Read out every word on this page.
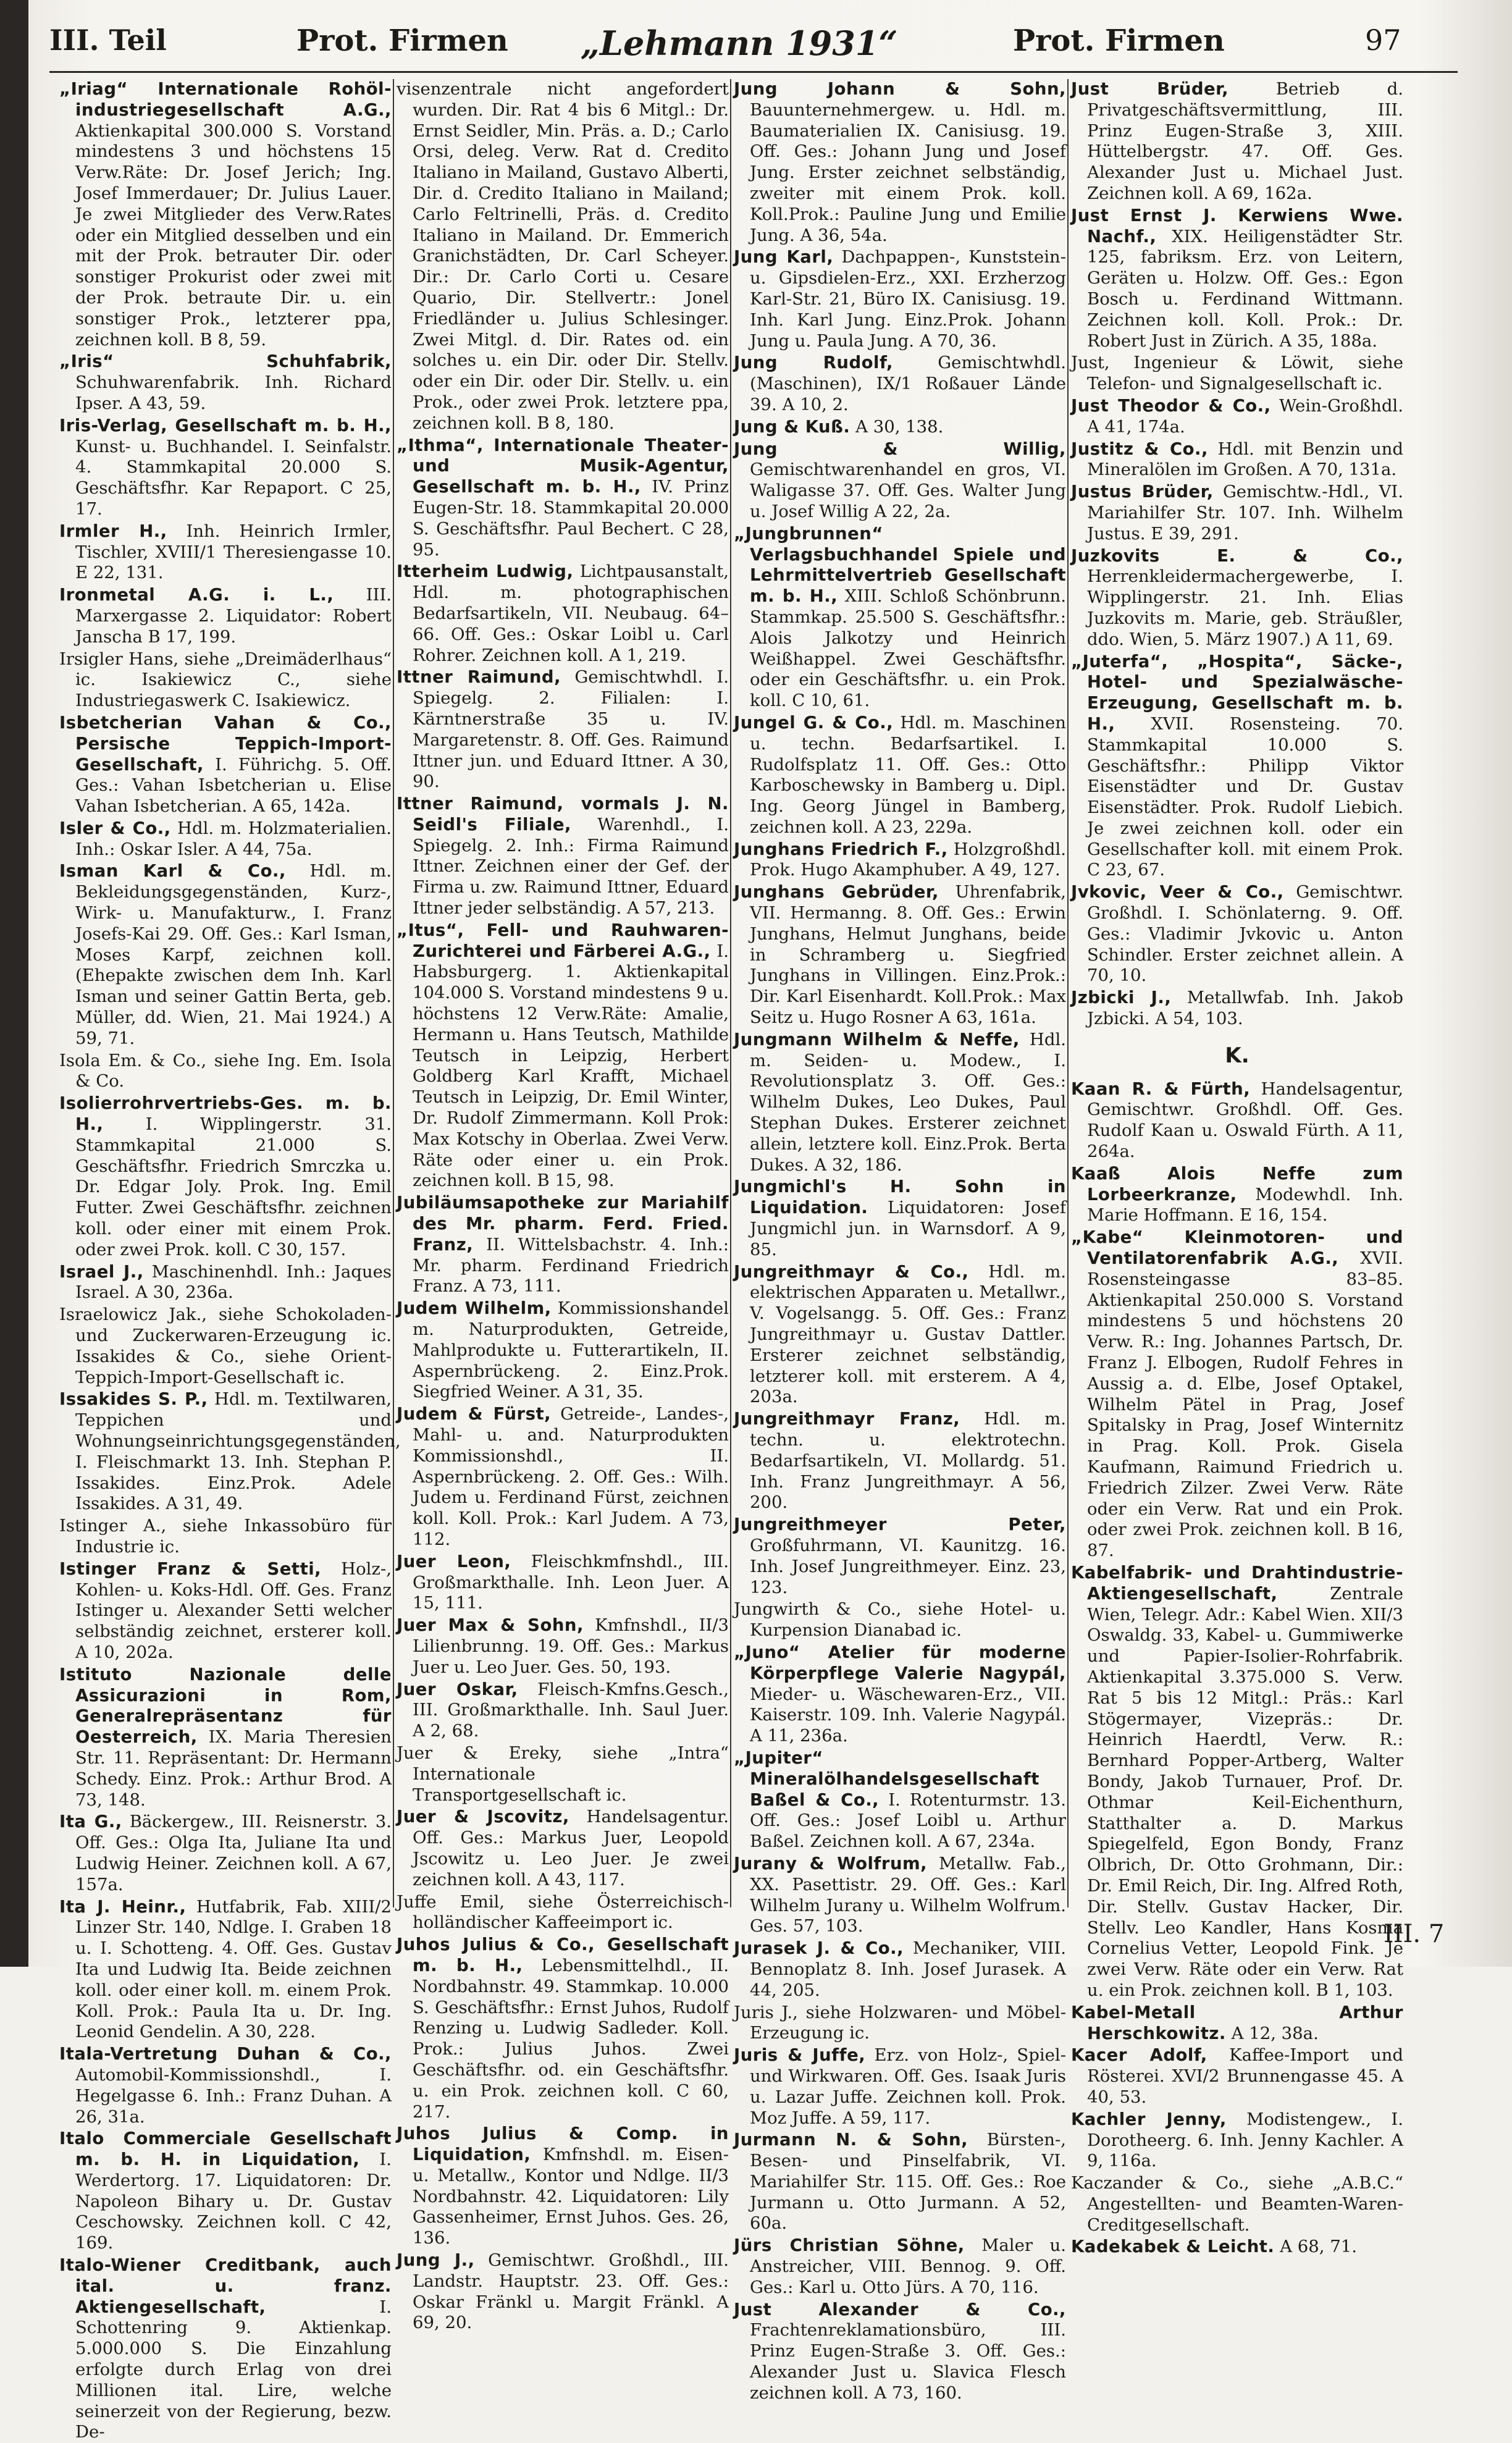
III. Teil	Prot. Firmen „Lehmann 1931“	Prot. Firmen	97
„Iriag“ Internationale Rohöl-industriegesellschaft A.G., Aktienkapital 300.000 S. Vorstand mindestens 3 und höchstens 15 Verw.Räte: Dr. Josef Jerich; Ing. Josef Immerdauer; Dr. Julius Lauer. Je zwei Mitglieder des Verw.Rates oder ein Mitglied desselben und ein mit der Prok. betrauter Dir. oder sonstiger Prokurist oder zwei mit der Prok. betraute Dir. u. ein sonstiger Prok., letzterer ppa, zeichnen koll. B 8, 59.
„Iris“ Schuhfabrik, Schuhwarenfabrik. Inh. Richard Ipser. A 43, 59.
Iris-Verlag, Gesellschaft m. b. H., Kunst- u. Buchhandel. I. Seinfalstr. 4. Stammkapital 20.000 S. Geschäftsfhr. Kar Repaport. C 25, 17.
Irmler H., Inh. Heinrich Irmler, Tischler, XVIII/1 Theresiengasse 10. E 22, 131.
Ironmetal A.G. i. L., III. Marxergasse 2. Liquidator: Robert Janscha B 17, 199.
Irsigler Hans, siehe „Dreimäderlhaus“ ic. Isakiewicz C., siehe Industriegaswerk C. Isakiewicz.
Isbetcherian Vahan & Co., Persische Teppich-Import-Gesellschaft, I. Führichg. 5. Off. Ges.: Vahan Isbetcherian u. Elise Vahan Isbetcherian. A 65, 142a.
Isler & Co., Hdl. m. Holzmaterialien. Inh.: Oskar Isler. A 44, 75a.
Isman Karl & Co., Hdl. m. Bekleidungsgegenständen, Kurz-, Wirk- u. Manufakturw., I. Franz Josefs-Kai 29. Off. Ges.: Karl Isman, Moses Karpf, zeichnen koll. (Ehepakte zwischen dem Inh. Karl Isman und seiner Gattin Berta, geb. Müller, dd. Wien, 21. Mai 1924.) A 59, 71.
Isola Em. & Co., siehe Ing. Em. Isola & Co.
Isolierrohrvertriebs-Ges. m. b. H., I. Wipplingerstr. 31. Stammkapital 21.000 S. Geschäftsfhr. Friedrich Smrczka u. Dr. Edgar Joly. Prok. Ing. Emil Futter. Zwei Geschäftsfhr. zeichnen koll. oder einer mit einem Prok. oder zwei Prok. koll. C 30, 157.
Israel J., Maschinenhdl. Inh.: Jaques Israel. A 30, 236a.
Israelowicz Jak., siehe Schokoladen- und Zuckerwaren-Erzeugung ic. Issakides & Co., siehe Orient-Teppich-Import-Gesellschaft ic.
Issakides S. P., Hdl. m. Textilwaren, Teppichen und Wohnungseinrichtungsgegenständen, I. Fleischmarkt 13. Inh. Stephan P. Issakides. Einz.Prok. Adele Issakides. A 31, 49.
Istinger A., siehe Inkassobüro für Industrie ic.
Istinger Franz & Setti, Holz-, Kohlen- u. Koks-Hdl. Off. Ges. Franz Istinger u. Alexander Setti welcher selbständig zeichnet, ersterer koll. A 10, 202a.
Istituto Nazionale delle Assicurazioni in Rom, Generalrepräsentanz für Oesterreich, IX. Maria Theresien Str. 11. Repräsentant: Dr. Hermann Schedy. Einz. Prok.: Arthur Brod. A 73, 148.
Ita G., Bäckergew., III. Reisnerstr. 3. Off. Ges.: Olga Ita, Juliane Ita und Ludwig Heiner. Zeichnen koll. A 67, 157a.
Ita J. Heinr., Hutfabrik, Fab. XIII/2 Linzer Str. 140, Ndlge. I. Graben 18 u. I. Schotteng. 4. Off. Ges. Gustav Ita und Ludwig Ita. Beide zeichnen koll. oder einer koll. m. einem Prok. Koll. Prok.: Paula Ita u. Dr. Ing. Leonid Gendelin. A 30, 228.
Itala-Vertretung Duhan & Co., Automobil-Kommissionshdl., I. Hegelgasse 6. Inh.: Franz Duhan. A 26, 31a.
Italo Commerciale Gesellschaft m. b. H. in Liquidation, I. Werdertorg. 17. Liquidatoren: Dr. Napoleon Bihary u. Dr. Gustav Ceschowsky. Zeichnen koll. C 42, 169.
Italo-Wiener Creditbank, auch ital. u. franz. Aktiengesellschaft,	I. Schottenring 9. Aktienkap. 5.000.000 S. Die Einzahlung erfolgte durch Erlag von drei Millionen ital. Lire, welche seinerzeit von der Regierung, bezw. De-
visenzentrale nicht angefordert wurden. Dir. Rat 4 bis 6 Mitgl.: Dr. Ernst Seidler, Min. Präs. a. D.; Carlo Orsi, deleg. Verw. Rat d. Credito Italiano in Mailand, Gustavo Alberti, Dir. d. Credito Italiano in Mailand; Carlo Feltrinelli, Präs. d. Credito Italiano in Mailand. Dr. Emmerich Granichstädten, Dr. Carl Scheyer. Dir.: Dr. Carlo Corti u. Cesare Quario, Dir. Stellvertr.: Jonel Friedländer u. Julius Schlesinger. Zwei Mitgl. d. Dir. Rates od. ein solches u. ein Dir. oder Dir. Stellv. oder ein Dir. oder Dir. Stellv. u. ein Prok., oder zwei Prok. letztere ppa, zeichnen koll. B 8, 180.
„Ithma“, Internationale Theater- und Musik-Agentur, Gesellschaft m. b. H., IV. Prinz Eugen-Str. 18. Stammkapital 20.000 S. Geschäftsfhr. Paul Bechert. C 28, 95.
Itterheim Ludwig, Lichtpausanstalt, Hdl. m. photographischen Bedarfsartikeln, VII. Neubaug. 64–66. Off. Ges.: Oskar Loibl u. Carl Rohrer. Zeichnen koll. A 1, 219.
Ittner Raimund, Gemischtwhdl. I. Spiegelg. 2. Filialen: I. Kärntnerstraße 35 u. IV. Margaretenstr. 8. Off. Ges. Raimund Ittner jun. und Eduard Ittner. A 30, 90.
Ittner Raimund, vormals J. N. Seidl's Filiale, Warenhdl., I. Spiegelg. 2. Inh.: Firma Raimund Ittner. Zeichnen einer der Gef. der Firma u. zw. Raimund Ittner, Eduard Ittner jeder selbständig. A 57, 213.
„Itus“, Fell- und Rauhwaren-Zurichterei und Färberei A.G., I. Habsburgerg. 1. Aktienkapital 104.000 S. Vorstand mindestens 9 u. höchstens 12 Verw.Räte: Amalie, Hermann u. Hans Teutsch, Mathilde Teutsch in Leipzig, Herbert Goldberg Karl Krafft, Michael Teutsch in Leipzig, Dr. Emil Winter, Dr. Rudolf Zimmermann. Koll Prok: Max Kotschy in Oberlaa. Zwei Verw. Räte oder einer u. ein Prok. zeichnen koll. B 15, 98.
Jubiläumsapotheke zur Mariahilf des Mr. pharm. Ferd. Fried. Franz, II. Wittelsbachstr. 4. Inh.: Mr. pharm. Ferdinand Friedrich Franz. A 73, 111.
Judem Wilhelm, Kommissionshandel m. Naturprodukten, Getreide, Mahlprodukte u. Futterartikeln, II. Aspernbrückeng. 2. Einz.Prok. Siegfried Weiner. A 31, 35.
Judem & Fürst, Getreide-, Landes-, Mahl- u. and. Naturprodukten Kommissionshdl., II. Aspernbrückeng. 2. Off. Ges.: Wilh. Judem u. Ferdinand Fürst, zeichnen koll. Koll. Prok.: Karl Judem. A 73, 112.
Juer Leon, Fleischkmfnshdl., III. Großmarkthalle. Inh. Leon Juer. A 15, 111.
Juer Max & Sohn, Kmfnshdl., II/3 Lilienbrunng. 19. Off. Ges.: Markus Juer u. Leo Juer. Ges. 50, 193.
Juer Oskar, Fleisch-Kmfns.Gesch., III. Großmarkthalle. Inh. Saul Juer. A 2, 68.
Juer & Ereky, siehe „Intra“ Internationale Transportgesellschaft ic.
Juer & Jscovitz, Handelsagentur. Off. Ges.: Markus Juer, Leopold Jscowitz u. Leo Juer. Je zwei zeichnen koll. A 43, 117.
Juffe Emil, siehe Österreichisch-holländischer Kaffeeimport ic.
Juhos Julius & Co., Gesellschaft m. b. H., Lebensmittelhdl., II. Nordbahnstr. 49. Stammkap. 10.000 S. Geschäftsfhr.: Ernst Juhos, Rudolf Renzing u. Ludwig Sadleder. Koll. Prok.: Julius Juhos. Zwei Geschäftsfhr. od. ein Geschäftsfhr. u. ein Prok. zeichnen koll. C 60, 217.
Juhos Julius & Comp. in Liquidation, Kmfnshdl. m. Eisen- u. Metallw., Kontor und Ndlge. II/3 Nordbahnstr. 42. Liquidatoren: Lily Gassenheimer, Ernst Juhos. Ges. 26, 136.
Jung J., Gemischtwr. Großhdl., III. Landstr. Hauptstr. 23. Off. Ges.: Oskar Fränkl u. Margit Fränkl. A 69, 20.
Jung Johann & Sohn, Bauunternehmergew. u. Hdl. m. Baumaterialien IX. Canisiusg. 19. Off. Ges.: Johann Jung und Josef Jung. Erster zeichnet selbständig, zweiter mit einem Prok. koll. Koll.Prok.: Pauline Jung und Emilie Jung. A 36, 54a.
Jung Karl, Dachpappen-, Kunststein- u. Gipsdielen-Erz., XXI. Erzherzog Karl-Str. 21, Büro IX. Canisiusg. 19. Inh. Karl Jung. Einz.Prok. Johann Jung u. Paula Jung. A 70, 36.
Jung Rudolf,	Gemischtwhdl. (Maschinen), IX/1 Roßauer Lände 39. A 10, 2.
Jung & Kuß. A 30, 138.
Jung & Willig, Gemischtwarenhandel en gros, VI. Waligasse 37. Off. Ges. Walter Jung u. Josef Willig A 22, 2a.
„Jungbrunnen“ Verlagsbuchhandel Spiele und Lehrmittelvertrieb Gesellschaft m. b. H., XIII. Schloß Schönbrunn. Stammkap. 25.500 S. Geschäftsfhr.: Alois Jalkotzy und Heinrich Weißhappel. Zwei Geschäftsfhr. oder ein Geschäftsfhr. u. ein Prok. koll. C 10, 61.
Jungel G. & Co., Hdl. m. Maschinen u. techn. Bedarfsartikel. I. Rudolfsplatz 11. Off. Ges.: Otto Karboschewsky in Bamberg u. Dipl. Ing. Georg Jüngel in Bamberg, zeichnen koll. A 23, 229a.
Junghans Friedrich F., Holzgroßhdl. Prok. Hugo Akamphuber. A 49, 127.
Junghans Gebrüder, Uhrenfabrik, VII. Hermanng. 8. Off. Ges.: Erwin Junghans, Helmut Junghans, beide in Schramberg u. Siegfried Junghans in Villingen. Einz.Prok.: Dir. Karl Eisenhardt. Koll.Prok.: Max Seitz u. Hugo Rosner A 63, 161a.
Jungmann Wilhelm & Neffe, Hdl. m. Seiden- u. Modew., I. Revolutionsplatz 3. Off. Ges.: Wilhelm Dukes, Leo Dukes, Paul Stephan Dukes. Ersterer zeichnet allein, letztere koll. Einz.Prok. Berta Dukes. A 32, 186.
Jungmichl's H. Sohn in Liquidation. Liquidatoren: Josef Jungmichl jun. in Warnsdorf. A 9, 85.
Jungreithmayr & Co., Hdl. m. elektrischen Apparaten u. Metallwr., V. Vogelsangg. 5. Off. Ges.: Franz Jungreithmayr u. Gustav Dattler. Ersterer zeichnet selbständig, letzterer koll. mit ersterem. A 4, 203a.
Jungreithmayr Franz, Hdl. m. techn. u. elektrotechn. Bedarfsartikeln, VI. Mollardg. 51. Inh. Franz Jungreithmayr. A 56, 200.
Jungreithmeyer Peter, Großfuhrmann, VI. Kaunitzg. 16. Inh. Josef Jungreithmeyer. Einz. 23, 123.
Jungwirth & Co., siehe Hotel- u. Kurpension Dianabad ic.
„Juno“ Atelier für moderne Körperpflege Valerie Nagypál, Mieder- u. Wäschewaren-Erz., VII. Kaiserstr. 109. Inh. Valerie Nagypál. A 11, 236a.
„Jupiter“ Mineralölhandelsgesellschaft Baßel & Co., I. Rotenturmstr. 13. Off. Ges.: Josef Loibl u. Arthur Baßel. Zeichnen koll. A 67, 234a.
Jurany & Wolfrum, Metallw. Fab., XX. Pasettistr. 29. Off. Ges.: Karl Wilhelm Jurany u. Wilhelm Wolfrum. Ges. 57, 103.
Jurasek J. & Co., Mechaniker, VIII. Bennoplatz 8. Inh. Josef Jurasek. A 44, 205.
Juris J., siehe Holzwaren- und Möbel-Erzeugung ic.
Juris & Juffe, Erz. von Holz-, Spiel- und Wirkwaren. Off. Ges. Isaak Juris u. Lazar Juffe. Zeichnen koll. Prok. Moz Juffe. A 59, 117.
Jurmann N. & Sohn, Bürsten-, Besen- und Pinselfabrik, VI. Mariahilfer Str. 115. Off. Ges.: Roe Jurmann u. Otto Jurmann. A 52, 60a.
Jürs Christian Söhne, Maler u. Anstreicher, VIII. Bennog. 9. Off. Ges.: Karl u. Otto Jürs. A 70, 116.
Just Alexander & Co., Frachtenreklamationsbüro, III. Prinz Eugen-Straße 3. Off. Ges.: Alexander Just u. Slavica Flesch zeichnen koll. A 73, 160.
Just Brüder,	Betrieb d. Privatgeschäftsvermittlung, III. Prinz Eugen-Straße 3, XIII. Hüttelbergstr. 47. Off. Ges. Alexander Just u. Michael Just. Zeichnen koll. A 69, 162a.
Just Ernst J. Kerwiens Wwe. Nachf., XIX. Heiligenstädter Str. 125, fabriksm. Erz. von Leitern, Geräten u. Holzw. Off. Ges.: Egon Bosch u. Ferdinand Wittmann. Zeichnen koll. Koll. Prok.: Dr. Robert Just in Zürich. A 35, 188a.
Just, Ingenieur & Löwit, siehe Telefon- und Signalgesellschaft ic.
Just Theodor & Co., Wein-Großhdl. A 41, 174a.
Justitz & Co., Hdl. mit Benzin und Mineralölen im Großen. A 70, 131a.
Justus Brüder, Gemischtw.-Hdl., VI. Mariahilfer Str. 107. Inh. Wilhelm Justus. E 39, 291.
Juzkovits E. & Co., Herrenkleidermachergewerbe, I. Wipplingerstr. 21. Inh. Elias Juzkovits m. Marie, geb. Sträußler, ddo. Wien, 5. März 1907.) A 11, 69.
„Juterfa“, „Hospita“, Säcke-, Hotel- und Spezialwäsche-Erzeugung, Gesellschaft m. b. H., XVII. Rosensteing. 70. Stammkapital 10.000 S. Geschäftsfhr.: Philipp Viktor Eisenstädter und Dr. Gustav Eisenstädter. Prok. Rudolf Liebich. Je zwei zeichnen koll. oder ein Gesellschafter koll. mit einem Prok. C 23, 67.
Jvkovic, Veer & Co., Gemischtwr. Großhdl. I. Schönlaterng. 9. Off. Ges.: Vladimir Jvkovic u. Anton Schindler. Erster zeichnet allein. A 70, 10.
Jzbicki J., Metallwfab. Inh. Jakob Jzbicki. A 54, 103.
K.
Kaan R. & Fürth, Handelsagentur, Gemischtwr. Großhdl. Off. Ges. Rudolf Kaan u. Oswald Fürth. A 11, 264a.
Kaaß Alois Neffe zum Lorbeerkranze, Modewhdl. Inh. Marie Hoffmann. E 16, 154.
„Kabe“ Kleinmotoren- und Ventilatorenfabrik A.G., XVII. Rosensteingasse 83–85. Aktienkapital 250.000 S. Vorstand mindestens 5 und höchstens 20 Verw. R.: Ing. Johannes Partsch, Dr. Franz J. Elbogen, Rudolf Fehres in Aussig a. d. Elbe, Josef Optakel, Wilhelm Pätel in Prag, Josef Spitalsky in Prag, Josef Winternitz in Prag. Koll. Prok. Gisela Kaufmann, Raimund Friedrich u. Friedrich Zilzer. Zwei Verw. Räte oder ein Verw. Rat und ein Prok. oder zwei Prok. zeichnen koll. B 16, 87.
Kabelfabrik- und Drahtindustrie-Aktiengesellschaft,	Zentrale Wien, Telegr. Adr.: Kabel Wien. XII/3 Oswaldg. 33, Kabel- u. Gummiwerke und Papier-Isolier-Rohrfabrik. Aktienkapital 3.375.000 S. Verw. Rat 5 bis 12 Mitgl.: Präs.: Karl Stögermayer, Vizepräs.: Dr. Heinrich Haerdtl, Verw. R.: Bernhard Popper-Artberg, Walter Bondy, Jakob Turnauer, Prof. Dr. Othmar Keil-Eichenthurn, Statthalter a. D. Markus Spiegelfeld, Egon Bondy, Franz Olbrich, Dr. Otto Grohmann, Dir.: Dr. Emil Reich, Dir. Ing. Alfred Roth, Dir. Stellv. Gustav Hacker, Dir. Stellv. Leo Kandler, Hans Kosma Cornelius Vetter, Leopold Fink. Je zwei Verw. Räte oder ein Verw. Rat u. ein Prok. zeichnen koll. B 1, 103.
Kabel-Metall Arthur Herschkowitz. A 12, 38a.
Kacer Adolf, Kaffee-Import und Rösterei. XVI/2 Brunnengasse 45. A 40, 53.
Kachler Jenny, Modistengew., I. Dorotheerg. 6. Inh. Jenny Kachler. A 9, 116a.
Kaczander & Co., siehe „A.B.C.“ Angestellten- und Beamten-Waren-Creditgesellschaft.
Kadekabek & Leicht. A 68, 71.
III. 7
